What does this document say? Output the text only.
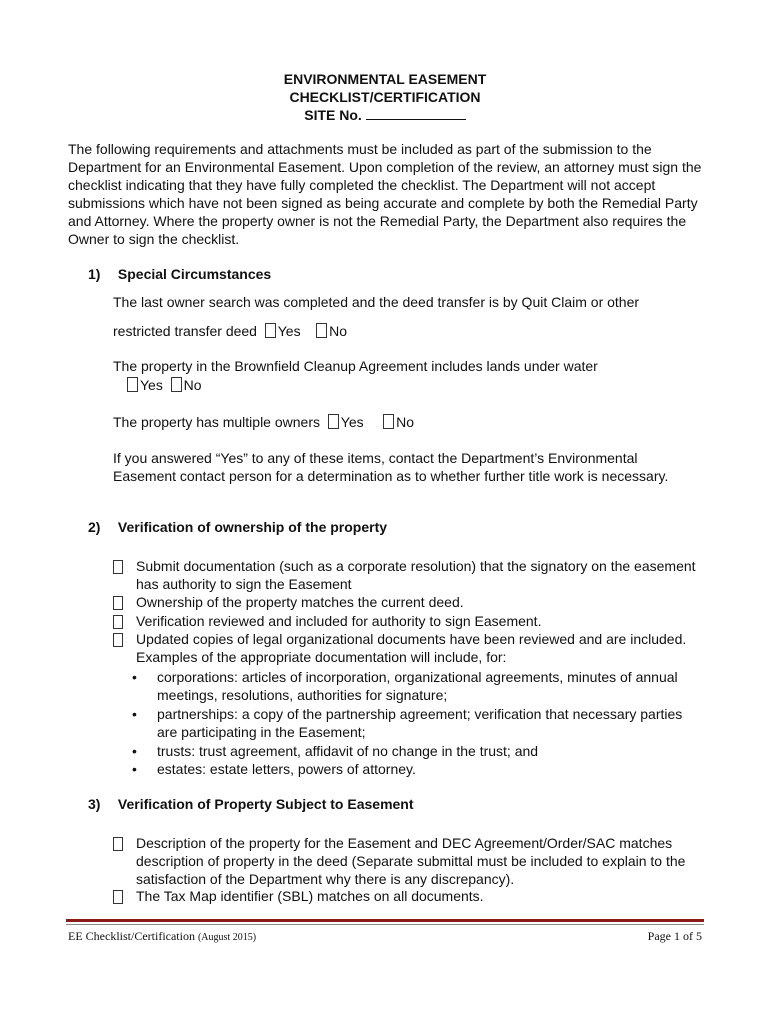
ENVIRONMENTAL EASEMENT
CHECKLIST/CERTIFICATION
SITE No.
The following requirements and attachments must be included as part of the submission to the Department for an Environmental Easement. Upon completion of the review, an attorney must sign the checklist indicating that they have fully completed the checklist. The Department will not accept submissions which have not been signed as being accurate and complete by both the Remedial Party and Attorney. Where the property owner is not the Remedial Party, the Department also requires the Owner to sign the checklist.
1) Special Circumstances
The last owner search was completed and the deed transfer is by Quit Claim or other
restricted transfer deed Yes No
The property in the Brownfield Cleanup Agreement includes lands under water
Yes No
The property has multiple owners Yes No
If you answered “Yes” to any of these items, contact the Department’s Environmental Easement contact person for a determination as to whether further title work is necessary.
2) Verification of ownership of the property
Submit documentation (such as a corporate resolution) that the signatory on the easement has authority to sign the Easement
Ownership of the property matches the current deed.
Verification reviewed and included for authority to sign Easement.
Updated copies of legal organizational documents have been reviewed and are included. Examples of the appropriate documentation will include, for:
• corporations: articles of incorporation, organizational agreements, minutes of annual meetings, resolutions, authorities for signature;
• partnerships: a copy of the partnership agreement; verification that necessary parties are participating in the Easement;
• trusts: trust agreement, affidavit of no change in the trust; and
• estates: estate letters, powers of attorney.
3) Verification of Property Subject to Easement
Description of the property for the Easement and DEC Agreement/Order/SAC matches description of property in the deed (Separate submittal must be included to explain to the satisfaction of the Department why there is any discrepancy).
The Tax Map identifier (SBL) matches on all documents.
EE Checklist/Certification (August 2015)	Page 1 of 5
